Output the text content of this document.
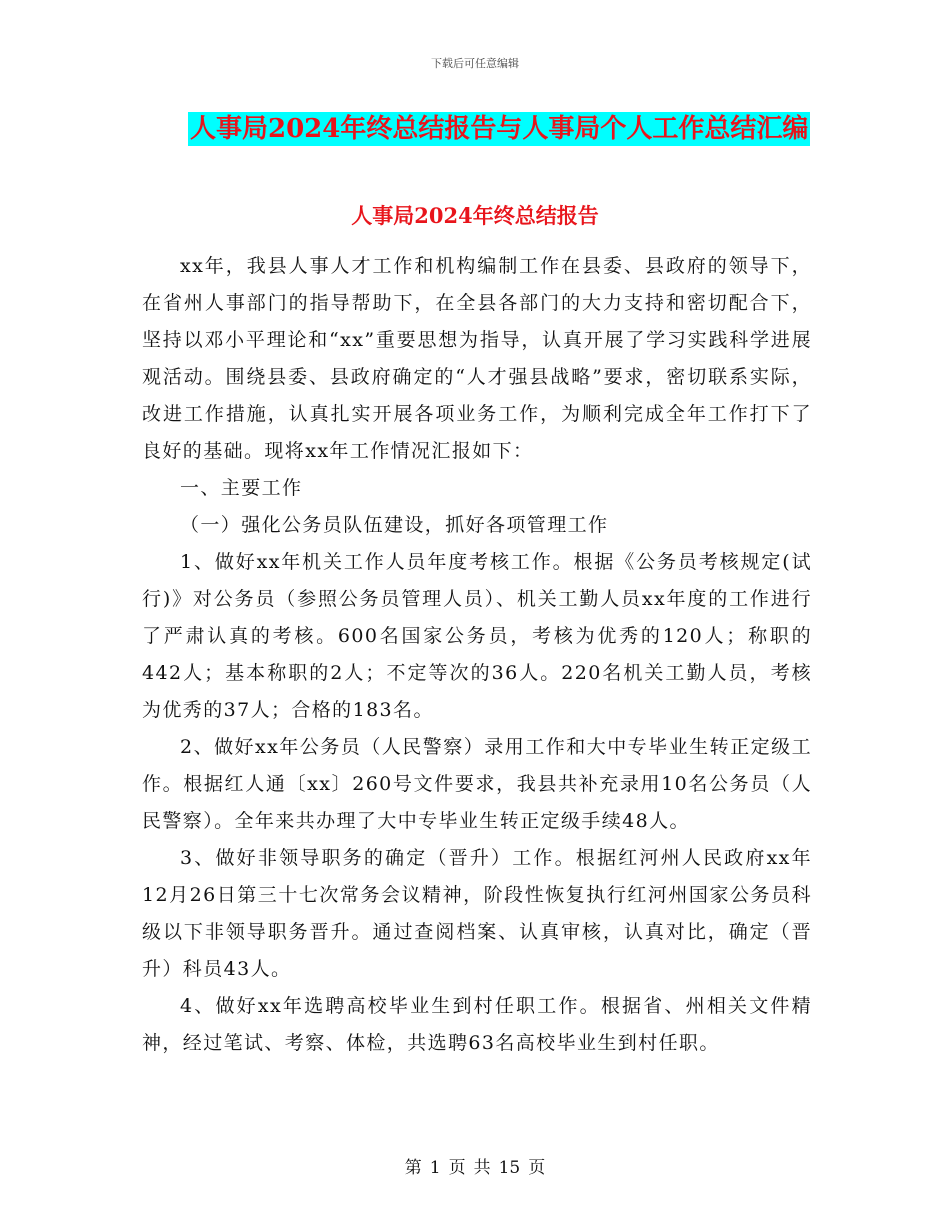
下载后可任意编辑
人事局2024年终总结报告与人事局个人工作总结汇编
人事局2024年终总结报告

xx年，我县人事人才工作和机构编制工作在县委、县政府的领导下，在省州人事部门的指导帮助下，在全县各部门的大力支持和密切配合下，坚持以邓小平理论和“xx”重要思想为指导，认真开展了学习实践科学进展观活动。围绕县委、县政府确定的“人才强县战略”要求，密切联系实际，改进工作措施，认真扎实开展各项业务工作，为顺利完成全年工作打下了良好的基础。现将xx年工作情况汇报如下：

一、主要工作

（一）强化公务员队伍建设，抓好各项管理工作

1、做好xx年机关工作人员年度考核工作。根据《公务员考核规定(试行)》对公务员（参照公务员管理人员）、机关工勤人员xx年度的工作进行了严肃认真的考核。600名国家公务员，考核为优秀的120人；称职的442人；基本称职的2人；不定等次的36人。220名机关工勤人员，考核为优秀的37人；合格的183名。

2、做好xx年公务员（人民警察）录用工作和大中专毕业生转正定级工作。根据红人通〔xx〕260号文件要求，我县共补充录用10名公务员（人民警察）。全年来共办理了大中专毕业生转正定级手续48人。

3、做好非领导职务的确定（晋升）工作。根据红河州人民政府xx年12月26日第三十七次常务会议精神，阶段性恢复执行红河州国家公务员科级以下非领导职务晋升。通过查阅档案、认真审核，认真对比，确定（晋升）科员43人。

4、做好xx年选聘高校毕业生到村任职工作。根据省、州相关文件精神，经过笔试、考察、体检，共选聘63名高校毕业生到村任职。

第 1 页 共 15 页
